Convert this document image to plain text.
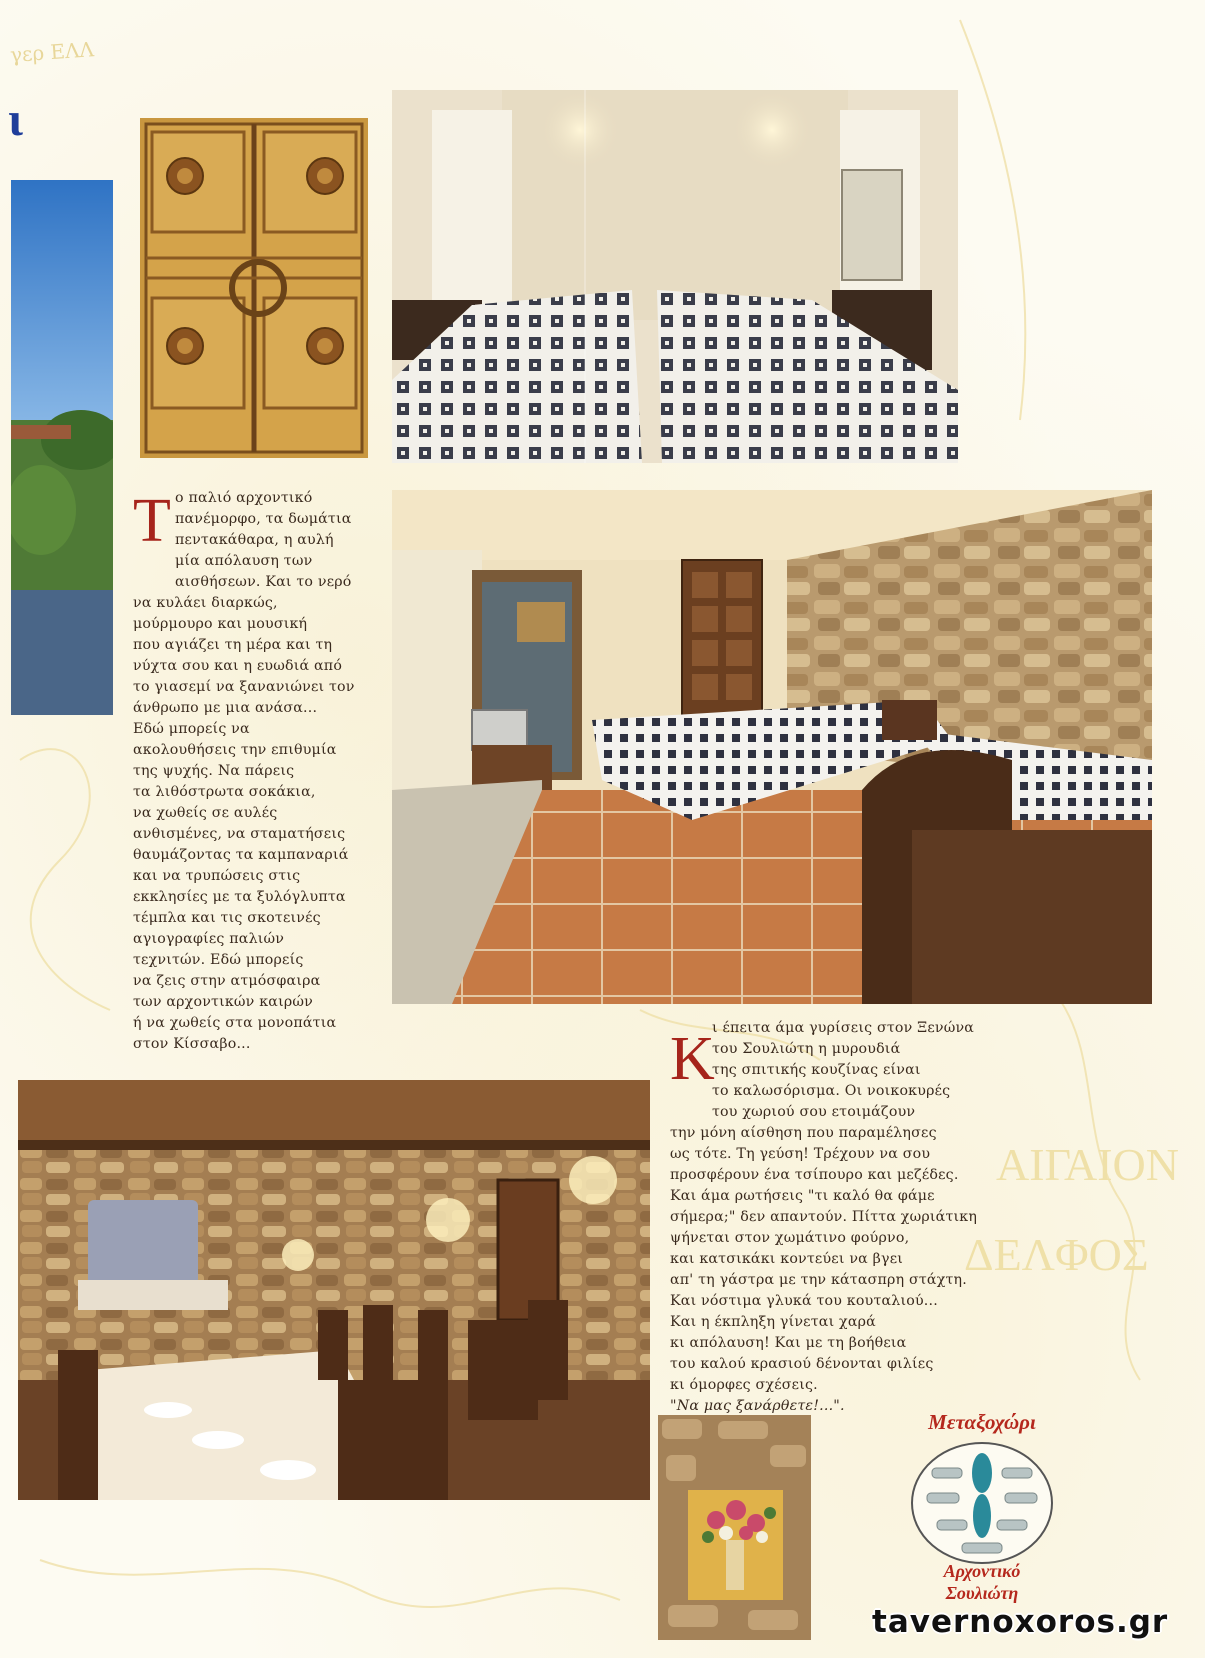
ΑΙΓΑΙΟΝ
ΔΕΛΦΟΣ
γερ ΕΛΛ
ι
Τ ο παλιό αρχοντικό
πανέμορφο, τα δωμάτια
πεντακάθαρα, η αυλή
μία απόλαυση των
αισθήσεων. Και το νερό
να κυλάει διαρκώς,
μούρμουρο και μουσική
που αγιάζει τη μέρα και τη
νύχτα σου και η ευωδιά από
το γιασεμί να ξανανιώνει τον
άνθρωπο με μια ανάσα...
Εδώ μπορείς να
ακολουθήσεις την επιθυμία
της ψυχής. Να πάρεις
τα λιθόστρωτα σοκάκια,
να χωθείς σε αυλές
ανθισμένες, να σταματήσεις
θαυμάζοντας τα καμπαναριά
και να τρυπώσεις στις
εκκλησίες με τα ξυλόγλυπτα
τέμπλα και τις σκοτεινές
αγιογραφίες παλιών
τεχνιτών. Εδώ μπορείς
να ζεις στην ατμόσφαιρα
των αρχοντικών καιρών
ή να χωθείς στα μονοπάτια
στον Κίσσαβο...	Κ
ι έπειτα άμα γυρίσεις στον Ξενώνα
του Σουλιώτη η μυρουδιά
της σπιτικής κουζίνας είναι
το καλωσόρισμα. Οι νοικοκυρές
του χωριού σου ετοιμάζουν
την μόνη αίσθηση που παραμέλησες
ως τότε. Τη γεύση! Τρέχουν να σου
προσφέρουν ένα τσίπουρο και μεζέδες.
Και άμα ρωτήσεις "τι καλό θα φάμε
σήμερα;" δεν απαντούν. Πίττα χωριάτικη
ψήνεται στον χωμάτινο φούρνο,
και κατσικάκι κοντεύει να βγει
απ' τη γάστρα με την κάτασπρη στάχτη.
Και νόστιμα γλυκά του κουταλιού...
Και η έκπληξη γίνεται χαρά
κι απόλαυση! Και με τη βοήθεια
του καλού κρασιού δένονται φιλίες
κι όμορφες σχέσεις.
"Να μας ξανάρθετε!...".
Μεταξοχώρι
Αρχοντικό
Σουλιώτη
tavernoxoros.gr
